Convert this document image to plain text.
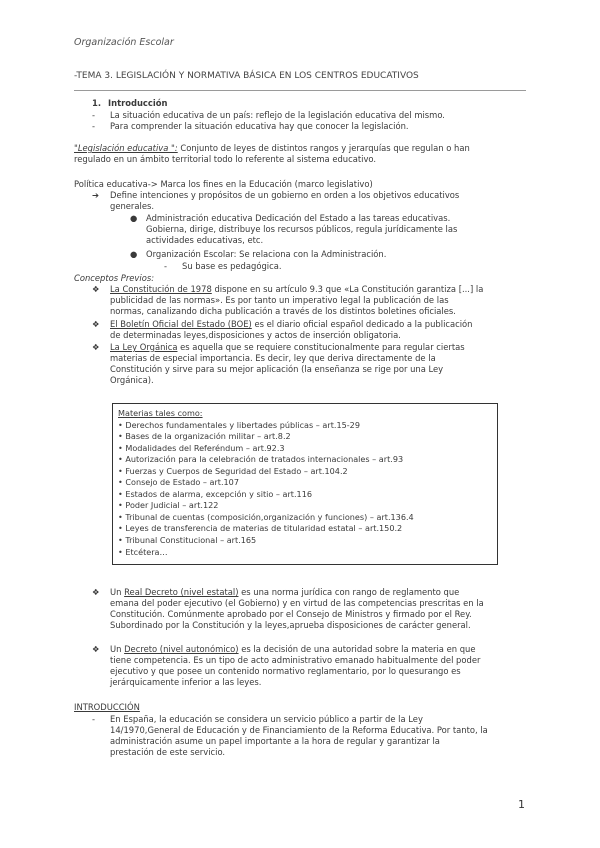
Organización Escolar
-TEMA 3. LEGISLACIÓN Y NORMATIVA BÁSICA EN LOS CENTROS EDUCATIVOS
1. Introducción
- La situación educativa de un país: reflejo de la legislación educativa del mismo.
- Para comprender la situación educativa hay que conocer la legislación.
"Legislación educativa ": Conjunto de leyes de distintos rangos y jerarquías que regulan o han
regulado en un ámbito territorial todo lo referente al sistema educativo.
Política educativa-> Marca los fines en la Educación (marco legislativo)
➔ Define intenciones y propósitos de un gobierno en orden a los objetivos educativos
generales.
● Administración educativa Dedicación del Estado a las tareas educativas.
Gobierna, dirige, distribuye los recursos públicos, regula jurídicamente las
actividades educativas, etc.
● Organización Escolar: Se relaciona con la Administración.
- Su base es pedagógica.
Conceptos Previos:
❖ La Constitución de 1978 dispone en su artículo 9.3 que «La Constitución garantiza [...] la
publicidad de las normas». Es por tanto un imperativo legal la publicación de las
normas, canalizando dicha publicación a través de los distintos boletines oficiales.
❖ El Boletín Oficial del Estado (BOE) es el diario oficial español dedicado a la publicación
de determinadas leyes,disposiciones y actos de inserción obligatoria.
❖ La Ley Orgánica es aquella que se requiere constitucionalmente para regular ciertas
materias de especial importancia. Es decir, ley que deriva directamente de la
Constitución y sirve para su mejor aplicación (la enseñanza se rige por una Ley
Orgánica).
Materias tales como:
• Derechos fundamentales y libertades públicas – art.15-29
• Bases de la organización militar – art.8.2
• Modalidades del Referéndum – art.92.3
• Autorización para la celebración de tratados internacionales – art.93
• Fuerzas y Cuerpos de Seguridad del Estado – art.104.2
• Consejo de Estado – art.107
• Estados de alarma, excepción y sitio – art.116
• Poder Judicial – art.122
• Tribunal de cuentas (composición,organización y funciones) – art.136.4
• Leyes de transferencia de materias de titularidad estatal – art.150.2
• Tribunal Constitucional – art.165
• Etcétera…
❖ Un Real Decreto (nivel estatal) es una norma jurídica con rango de reglamento que
emana del poder ejecutivo (el Gobierno) y en virtud de las competencias prescritas en la
Constitución. Comúnmente aprobado por el Consejo de Ministros y firmado por el Rey.
Subordinado por la Constitución y la leyes,aprueba disposiciones de carácter general.
❖ Un Decreto (nivel autonómico) es la decisión de una autoridad sobre la materia en que
tiene competencia. Es un tipo de acto administrativo emanado habitualmente del poder
ejecutivo y que posee un contenido normativo reglamentario, por lo quesurango es
jerárquicamente inferior a las leyes.
INTRODUCCIÓN
- En España, la educación se considera un servicio público a partir de la Ley
14/1970,General de Educación y de Financiamiento de la Reforma Educativa. Por tanto, la
administración asume un papel importante a la hora de regular y garantizar la
prestación de este servicio.
1
